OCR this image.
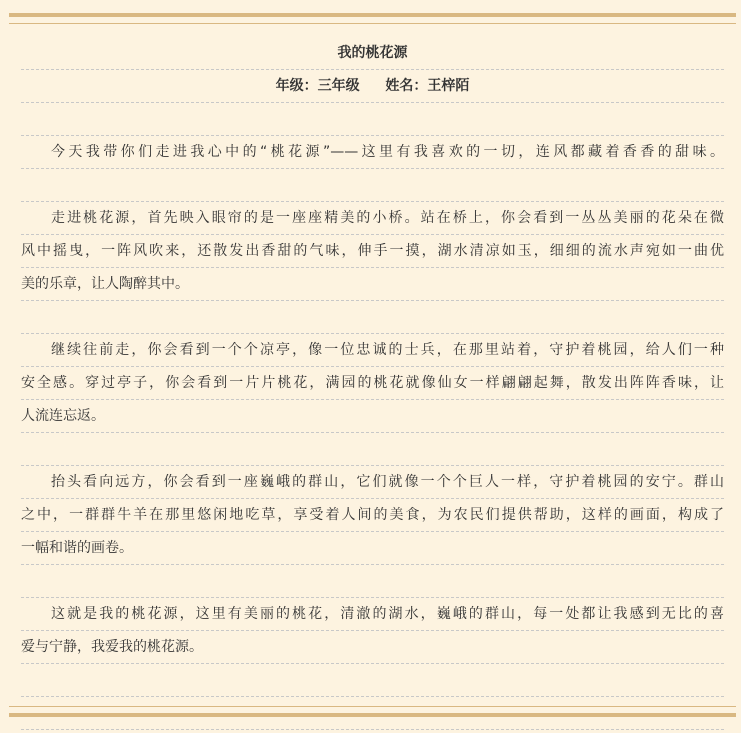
我的桃花源
年级：三年级 姓名：王梓陌
今天我带你们走进我心中的“桃花源”——这里有我喜欢的一切，连风都藏着香香的甜味。
走进桃花源，首先映入眼帘的是一座座精美的小桥。站在桥上，你会看到一丛丛美丽的花朵在微
风中摇曳，一阵风吹来，还散发出香甜的气味，伸手一摸，湖水清凉如玉，细细的流水声宛如一曲优
美的乐章，让人陶醉其中。
继续往前走，你会看到一个个凉亭，像一位忠诚的士兵，在那里站着，守护着桃园，给人们一种
安全感。穿过亭子，你会看到一片片桃花，满园的桃花就像仙女一样翩翩起舞，散发出阵阵香味，让
人流连忘返。
抬头看向远方，你会看到一座巍峨的群山，它们就像一个个巨人一样，守护着桃园的安宁。群山
之中，一群群牛羊在那里悠闲地吃草，享受着人间的美食，为农民们提供帮助，这样的画面，构成了
一幅和谐的画卷。
这就是我的桃花源，这里有美丽的桃花，清澈的湖水，巍峨的群山，每一处都让我感到无比的喜
爱与宁静，我爱我的桃花源。
